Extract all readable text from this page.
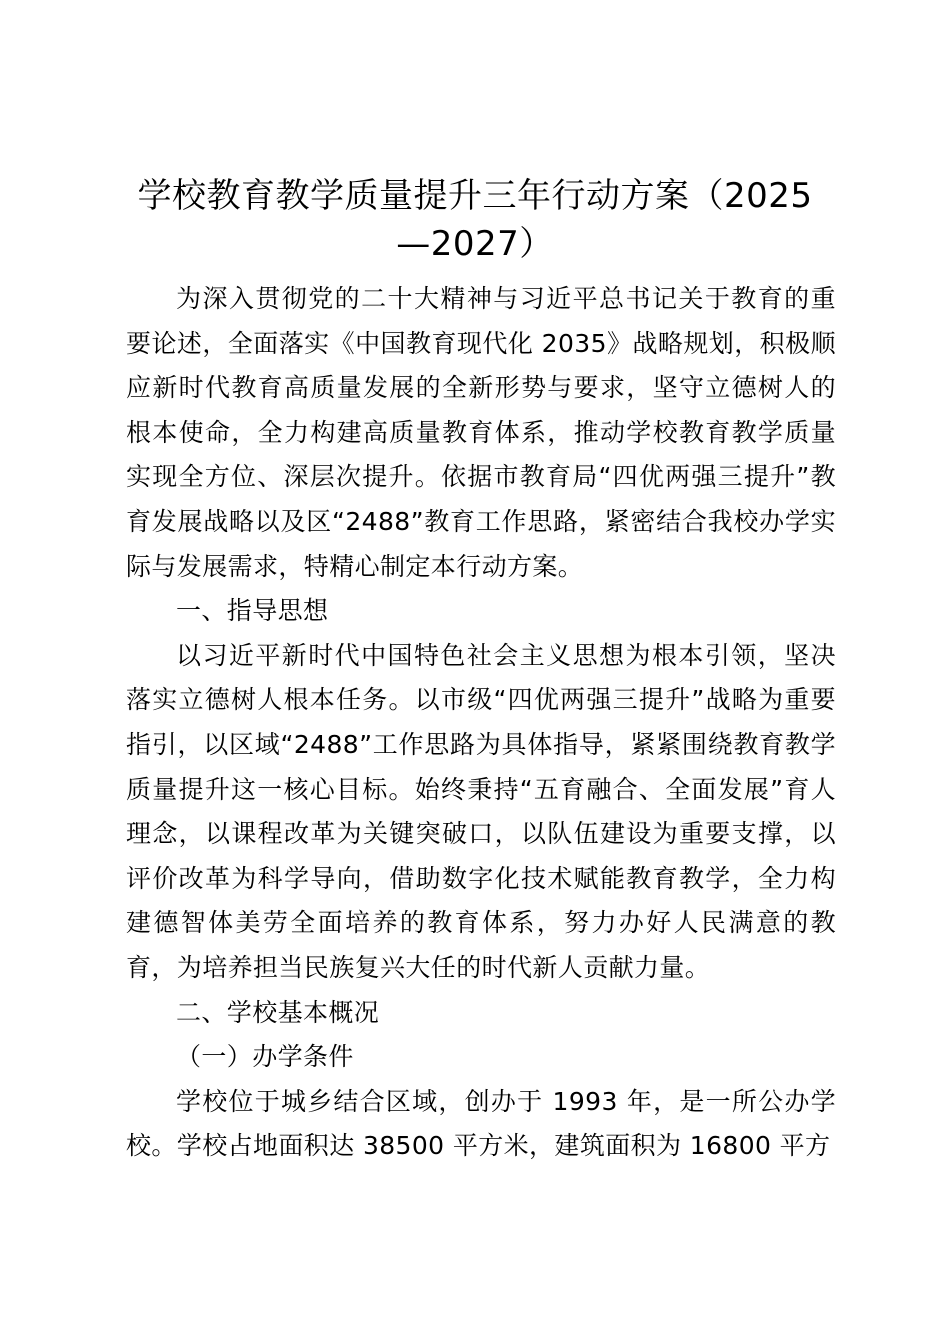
学校教育教学质量提升三年行动方案（2025
—2027）

为深入贯彻党的二十大精神与习近平总书记关于教育的重要论述，全面落实《中国教育现代化 2035》战略规划，积极顺应新时代教育高质量发展的全新形势与要求，坚守立德树人的根本使命，全力构建高质量教育体系，推动学校教育教学质量实现全方位、深层次提升。依据市教育局“四优两强三提升”教育发展战略以及区“2488”教育工作思路，紧密结合我校办学实际与发展需求，特精心制定本行动方案。

一、指导思想

以习近平新时代中国特色社会主义思想为根本引领，坚决落实立德树人根本任务。以市级“四优两强三提升”战略为重要指引，以区域“2488”工作思路为具体指导，紧紧围绕教育教学质量提升这一核心目标。始终秉持“五育融合、全面发展”育人理念，以课程改革为关键突破口，以队伍建设为重要支撑，以评价改革为科学导向，借助数字化技术赋能教育教学，全力构建德智体美劳全面培养的教育体系，努力办好人民满意的教育，为培养担当民族复兴大任的时代新人贡献力量。

二、学校基本概况

（一）办学条件

学校位于城乡结合区域，创办于 1993 年，是一所公办学校。学校占地面积达 38500 平方米，建筑面积为 16800 平方
